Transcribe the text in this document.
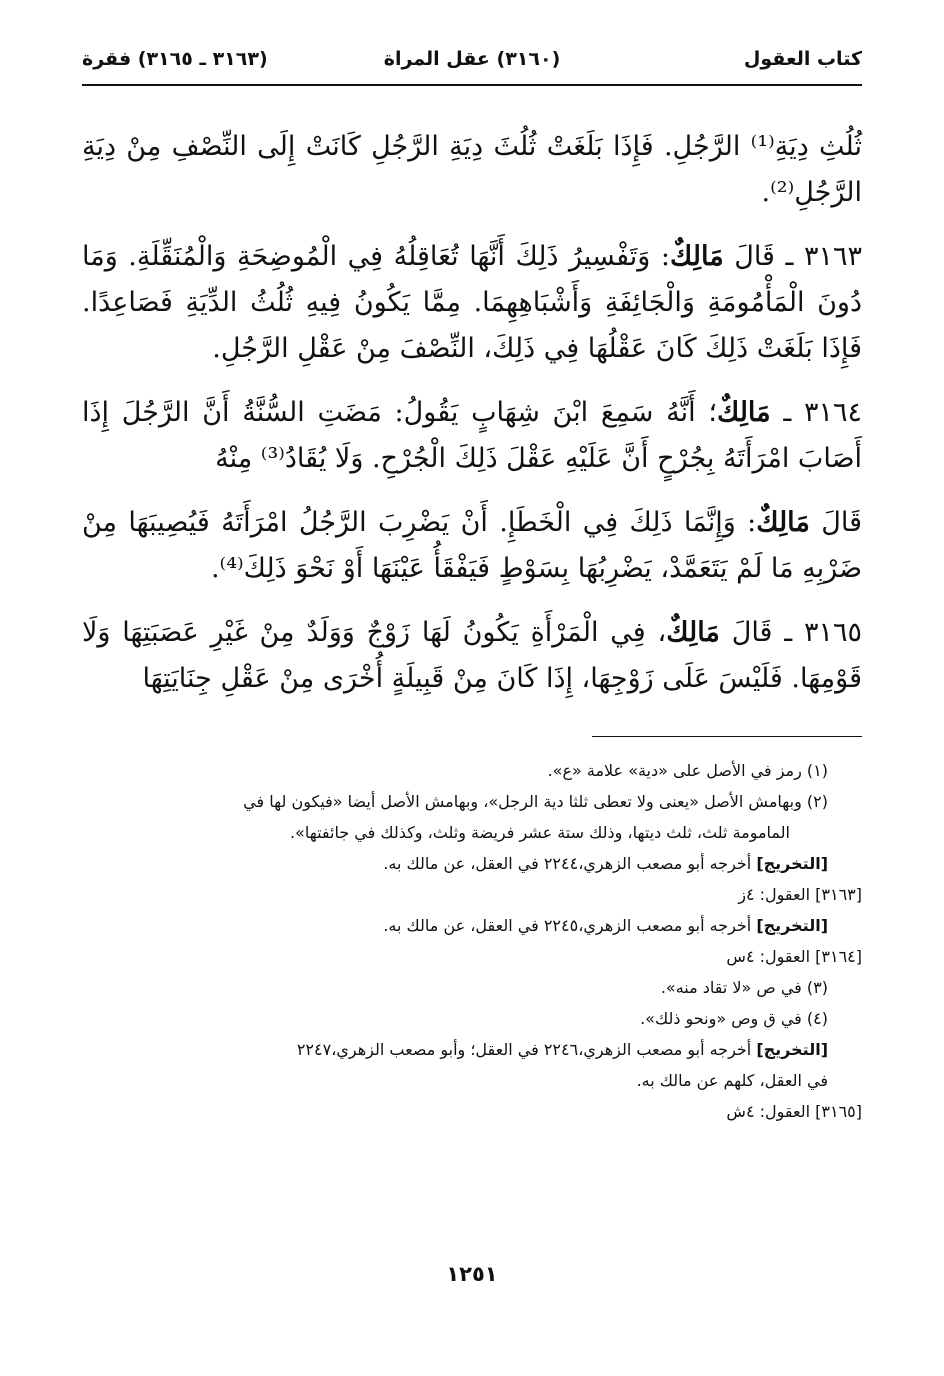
كتاب العقول
(٣١٦٠) عقل المراة
(٣١٦٣ ـ ٣١٦٥) فقرة

ثُلُثِ دِيَةِ⁽¹⁾ الرَّجُلِ. فَإِذَا بَلَغَتْ ثُلُثَ دِيَةِ الرَّجُلِ كَانَتْ إِلَى النِّصْفِ مِنْ دِيَةِ الرَّجُلِ⁽²⁾.

٣١٦٣ ـ قَالَ مَالِكٌ: وَتَفْسِيرُ ذَلِكَ أَنَّهَا تُعَاقِلُهُ فِي الْمُوضِحَةِ وَالْمُنَقِّلَةِ. وَمَا دُونَ الْمَأْمُومَةِ وَالْجَائِفَةِ وَأَشْبَاهِهِمَا. مِمَّا يَكُونُ فِيهِ ثُلُثُ الدِّيَةِ فَصَاعِدًا. فَإِذَا بَلَغَتْ ذَلِكَ كَانَ عَقْلُهَا فِي ذَلِكَ، النِّصْفَ مِنْ عَقْلِ الرَّجُلِ.

٣١٦٤ ـ مَالِكٌ؛ أَنَّهُ سَمِعَ ابْنَ شِهَابٍ يَقُولُ: مَضَتِ السُّنَّةُ أَنَّ الرَّجُلَ إِذَا أَصَابَ امْرَأَتَهُ بِجُرْحٍ أَنَّ عَلَيْهِ عَقْلَ ذَلِكَ الْجُرْحِ. وَلَا يُقَادُ⁽³⁾ مِنْهُ

قَالَ مَالِكٌ: وَإِنَّمَا ذَلِكَ فِي الْخَطَإِ. أَنْ يَضْرِبَ الرَّجُلُ امْرَأَتَهُ فَيُصِيبَهَا مِنْ ضَرْبِهِ مَا لَمْ يَتَعَمَّدْ، يَضْرِبُهَا بِسَوْطٍ فَيَفْقَأُ عَيْنَهَا أَوْ نَحْوَ ذَلِكَ⁽⁴⁾.

٣١٦٥ ـ قَالَ مَالِكٌ، فِي الْمَرْأَةِ يَكُونُ لَهَا زَوْجٌ وَوَلَدٌ مِنْ غَيْرِ عَصَبَتِهَا وَلَا قَوْمِهَا. فَلَيْسَ عَلَى زَوْجِهَا، إِذَا كَانَ مِنْ قَبِيلَةٍ أُخْرَى مِنْ عَقْلِ جِنَايَتِهَا

(١) رمز في الأصل على «دية» علامة «ع».

(٢) وبهامش الأصل «يعنى ولا تعطى ثلثا دية الرجل»، وبهامش الأصل أيضا «فيكون لها في

المامومة ثلث، ثلث ديتها، وذلك ستة عشر فريضة وثلث، وكذلك في جائفتها».

[التخريج] أخرجه أبو مصعب الزهري،٢٢٤٤ في العقل، عن مالك به.

[٣١٦٣] العقول: ٤ز

[التخريج] أخرجه أبو مصعب الزهري،٢٢٤٥ في العقل، عن مالك به.

[٣١٦٤] العقول: ٤س

(٣) في ص «لا تقاد منه».

(٤) في ق وص «ونحو ذلك».

[التخريج] أخرجه أبو مصعب الزهري،٢٢٤٦ في العقل؛ وأبو مصعب الزهري،٢٢٤٧

في العقل، كلهم عن مالك به.

[٣١٦٥] العقول: ٤ش

١٢٥١
